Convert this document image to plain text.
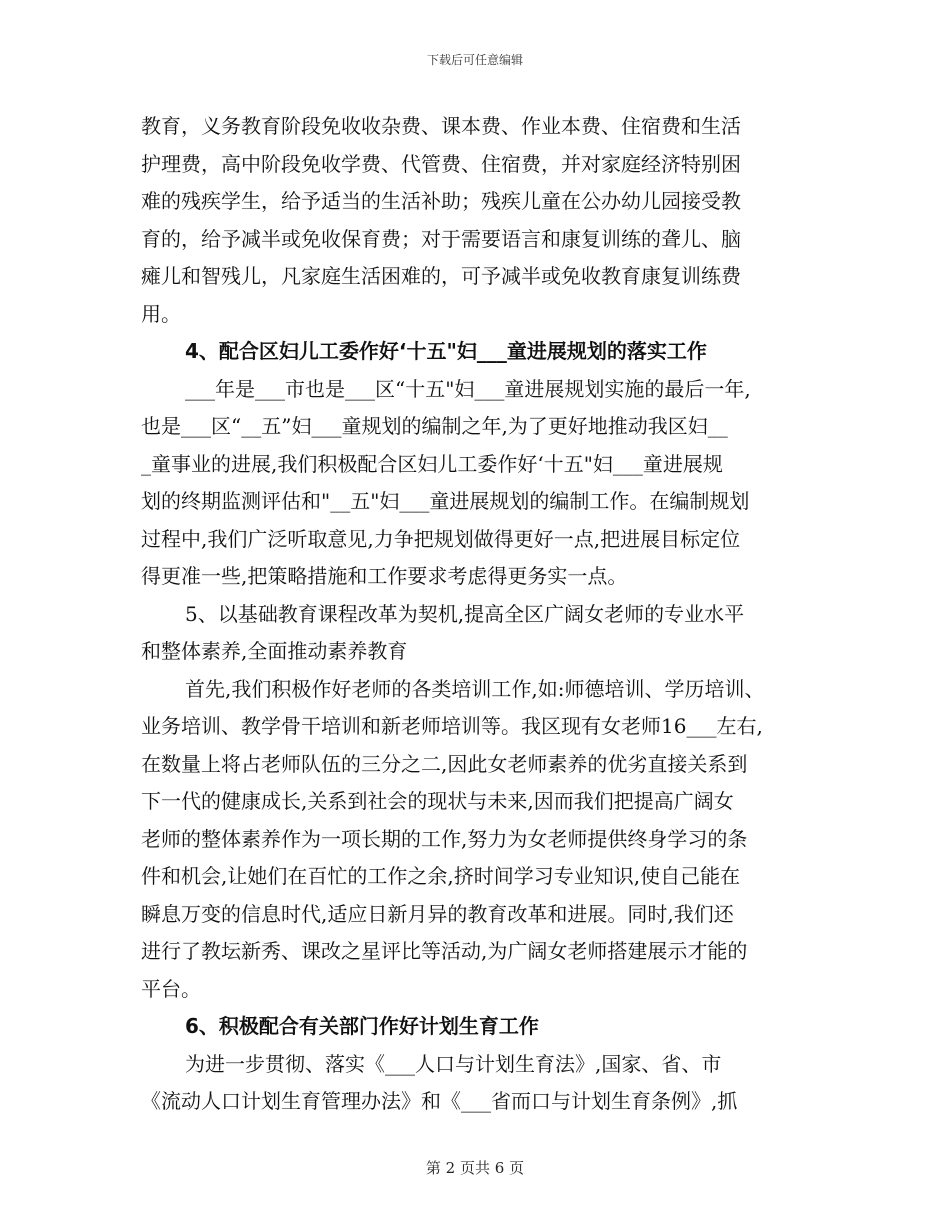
下载后可任意编辑
教育，义务教育阶段免收收杂费、课本费、作业本费、住宿费和生活
护理费，高中阶段免收学费、代管费、住宿费，并对家庭经济特别困
难的残疾学生，给予适当的生活补助；残疾儿童在公办幼儿园接受教
育的，给予减半或免收保育费；对于需要语言和康复训练的聋儿、脑
瘫儿和智残儿，凡家庭生活困难的，可予减半或免收教育康复训练费
用。
4、配合区妇儿工委作好‘十五"妇___童进展规划的落实工作
___年是___市也是___区“十五"妇___童进展规划实施的最后一年,
也是___区“__五”妇___童规划的编制之年,为了更好地推动我区妇__
_童事业的进展,我们积极配合区妇儿工委作好‘十五"妇___童进展规
划的终期监测评估和"__五"妇___童进展规划的编制工作。在编制规划
过程中,我们广泛听取意见,力争把规划做得更好一点,把进展目标定位
得更准一些,把策略措施和工作要求考虑得更务实一点。
5、以基础教育课程改革为契机,提高全区广阔女老师的专业水平
和整体素养,全面推动素养教育
首先,我们积极作好老师的各类培训工作,如:师德培训、学历培训、
业务培训、教学骨干培训和新老师培训等。我区现有女老师16___左右,
在数量上将占老师队伍的三分之二,因此女老师素养的优劣直接关系到
下一代的健康成长,关系到社会的现状与未来,因而我们把提高广阔女
老师的整体素养作为一项长期的工作,努力为女老师提供终身学习的条
件和机会,让她们在百忙的工作之余,挤时间学习专业知识,使自己能在
瞬息万变的信息时代,适应日新月异的教育改革和进展。同时,我们还
进行了教坛新秀、课改之星评比等活动,为广阔女老师搭建展示才能的
平台。
6、积极配合有关部门作好计划生育工作
为进一步贯彻、落实《___人口与计划生育法》,国家、省、市
《流动人口计划生育管理办法》和《___省而口与计划生育条例》,抓
第 2 页共 6 页
